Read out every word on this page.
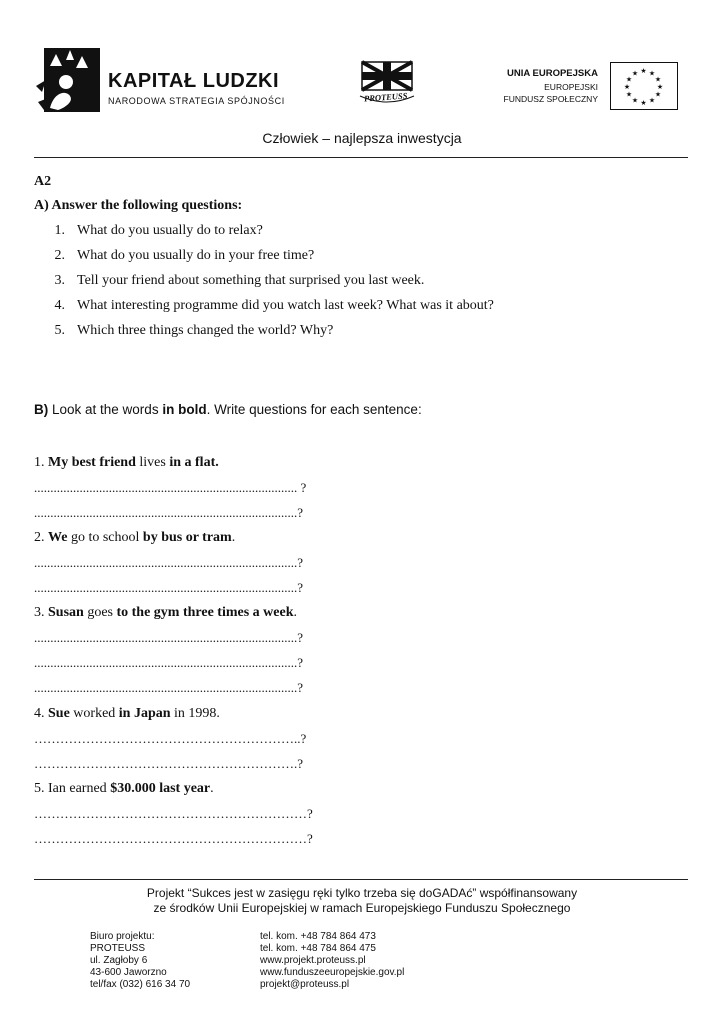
KAPITAŁ LUDZKI
NARODOWA STRATEGIA SPÓJNOŚCI	PROTEUSS
UNIA EUROPEJSKA
EUROPEJSKI
FUNDUSZ SPOŁECZNY
★ ★
★
★
★
★
★
★
★
★
★
★
Człowiek – najlepsza inwestycja
A2
A) Answer the following questions:
1. What do you usually do to relax?
2. What do you usually do in your free time?
3. Tell your friend about something that surprised you last week.
4. What interesting programme did you watch last week? What was it about?
5. Which three things changed the world? Why?
B) Look at the words in bold. Write questions for each sentence:
1. My best friend lives in a flat.
................................................................................. ?
.................................................................................?
2. We go to school by bus or tram.
.................................................................................?
.................................................................................?
3. Susan goes to the gym three times a week.
.................................................................................?
.................................................................................?
.................................................................................?
4. Sue worked in Japan in 1998.
……………………………………………………..?
…………………………………………………….?
5. Ian earned $30.000 last year.
………………………………………………………?
………………………………………………………?
Projekt “Sukces jest w zasięgu ręki tylko trzeba się doGADAć” współfinansowany
ze środków Unii Europejskiej w ramach Europejskiego Funduszu Społecznego
Biuro projektu:
PROTEUSS
ul. Zagłoby 6
43-600 Jaworzno
tel/fax (032) 616 34 70
tel. kom. +48 784 864 473
tel. kom. +48 784 864 475
www.projekt.proteuss.pl
www.funduszeeuropejskie.gov.pl
projekt@proteuss.pl
